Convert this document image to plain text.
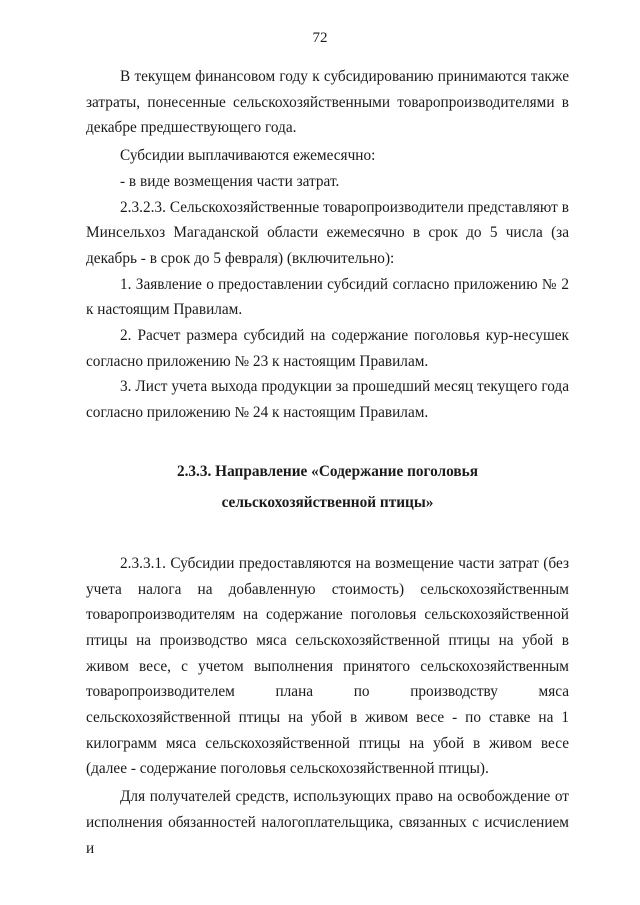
72

В текущем финансовом году к субсидированию принимаются также затраты, понесенные сельскохозяйственными товаропроизводителями в декабре предшествующего года.

Субсидии выплачиваются ежемесячно:

- в виде возмещения части затрат.

2.3.2.3. Сельскохозяйственные товаропроизводители представляют в Минсельхоз Магаданской области ежемесячно в срок до 5 числа (за декабрь - в срок до 5 февраля) (включительно):

1. Заявление о предоставлении субсидий согласно приложению № 2 к настоящим Правилам.

2. Расчет размера субсидий на содержание поголовья кур-несушек согласно приложению № 23 к настоящим Правилам.

3. Лист учета выхода продукции за прошедший месяц текущего года согласно приложению № 24 к настоящим Правилам.

2.3.3. Направление «Содержание поголовья
сельскохозяйственной птицы»

2.3.3.1. Субсидии предоставляются на возмещение части затрат (без учета налога на добавленную стоимость) сельскохозяйственным товаропроизводителям на содержание поголовья сельскохозяйственной птицы на производство мяса сельскохозяйственной птицы на убой в живом весе, с учетом выполнения принятого сельскохозяйственным товаропроизводителем плана по производству мяса сельскохозяйственной птицы на убой в живом весе - по ставке на 1 килограмм мяса сельскохозяйственной птицы на убой в живом весе (далее - содержание поголовья сельскохозяйственной птицы).

Для получателей средств, использующих право на освобождение от исполнения обязанностей налогоплательщика, связанных с исчислением и
